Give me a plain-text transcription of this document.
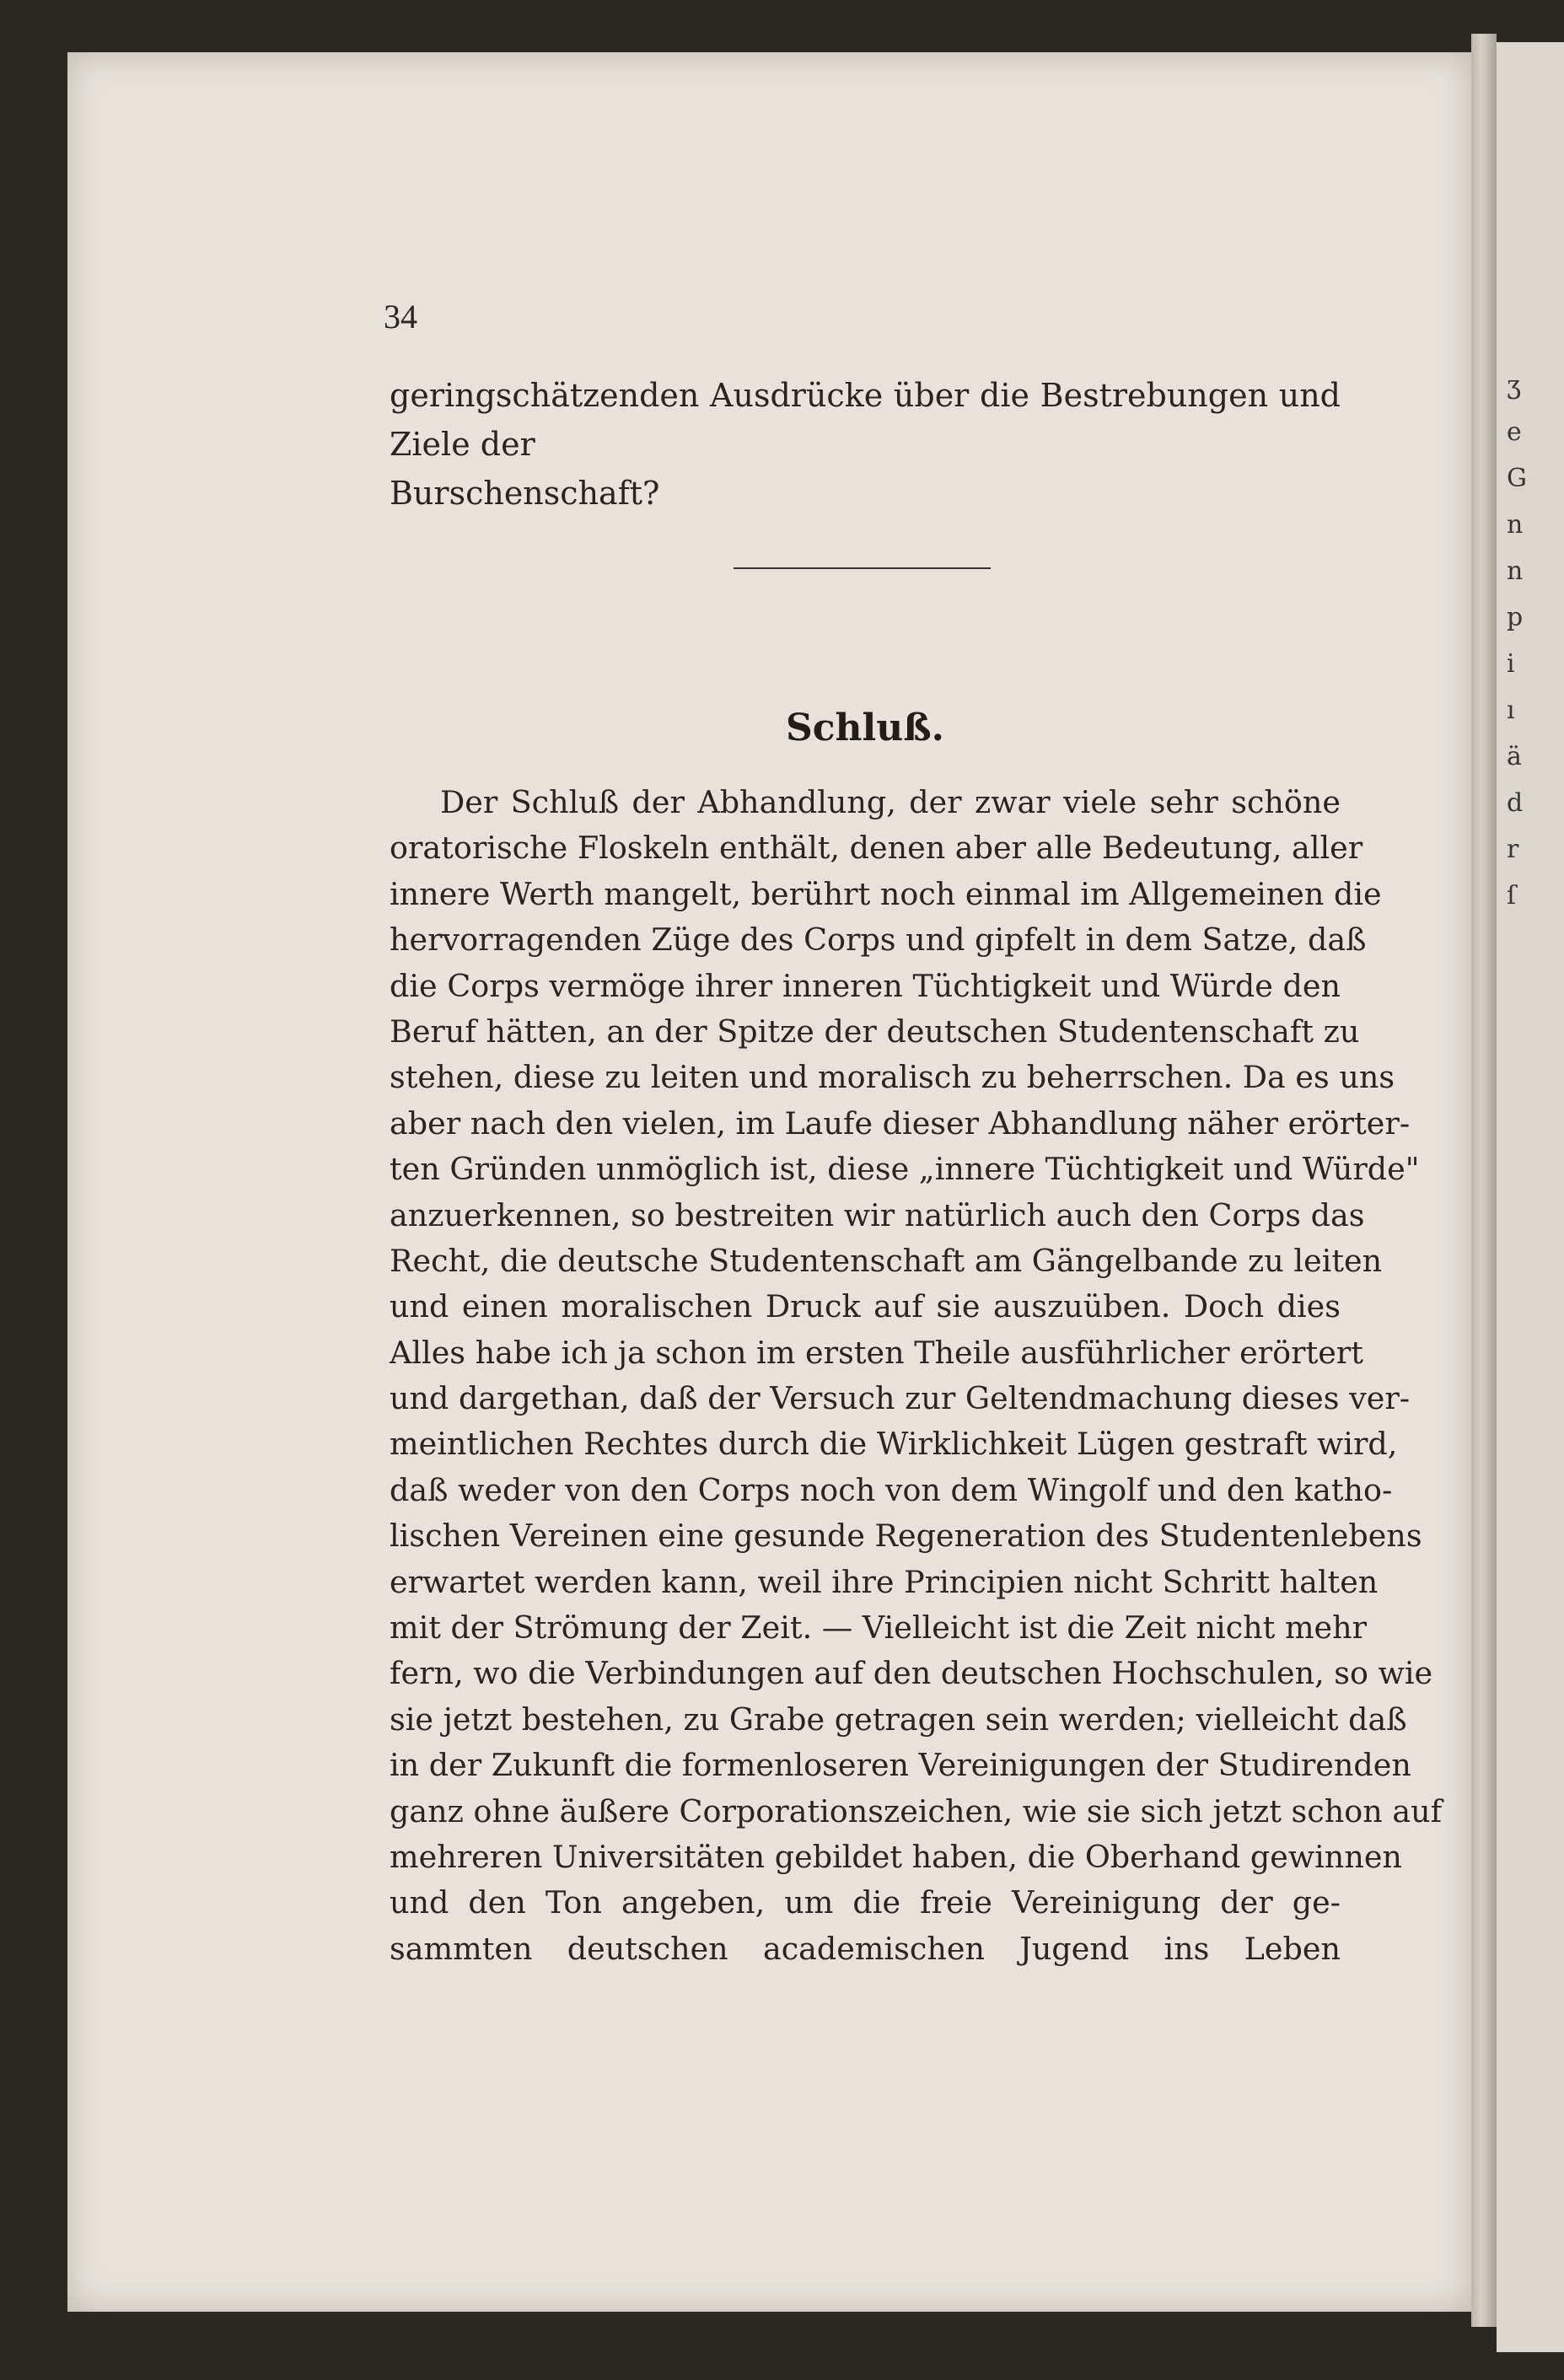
ʒ
e
G
n
n
p
i
ı
ä
d
r
ſ
34
geringschätzenden Ausdrücke über die Bestrebungen und Ziele der
Burschenschaft?
Schluß.
Der Schluß der Abhandlung, der zwar viele sehr schöne
oratorische Floskeln enthält, denen aber alle Bedeutung, aller
innere Werth mangelt, berührt noch einmal im Allgemeinen die
hervorragenden Züge des Corps und gipfelt in dem Satze, daß
die Corps vermöge ihrer inneren Tüchtigkeit und Würde den
Beruf hätten, an der Spitze der deutschen Studentenschaft zu
stehen, diese zu leiten und moralisch zu beherrschen. Da es uns
aber nach den vielen, im Laufe dieser Abhandlung näher erörter-
ten Gründen unmöglich ist, diese „innere Tüchtigkeit und Würde"
anzuerkennen, so bestreiten wir natürlich auch den Corps das
Recht, die deutsche Studentenschaft am Gängelbande zu leiten
und einen moralischen Druck auf sie auszuüben. Doch dies
Alles habe ich ja schon im ersten Theile ausführlicher erörtert
und dargethan, daß der Versuch zur Geltendmachung dieses ver-
meintlichen Rechtes durch die Wirklichkeit Lügen gestraft wird,
daß weder von den Corps noch von dem Wingolf und den katho-
lischen Vereinen eine gesunde Regeneration des Studentenlebens
erwartet werden kann, weil ihre Principien nicht Schritt halten
mit der Strömung der Zeit. — Vielleicht ist die Zeit nicht mehr
fern, wo die Verbindungen auf den deutschen Hochschulen, so wie
sie jetzt bestehen, zu Grabe getragen sein werden; vielleicht daß
in der Zukunft die formenloseren Vereinigungen der Studirenden
ganz ohne äußere Corporationszeichen, wie sie sich jetzt schon auf
mehreren Universitäten gebildet haben, die Oberhand gewinnen
und den Ton angeben, um die freie Vereinigung der ge-
sammten deutschen academischen Jugend ins Leben
